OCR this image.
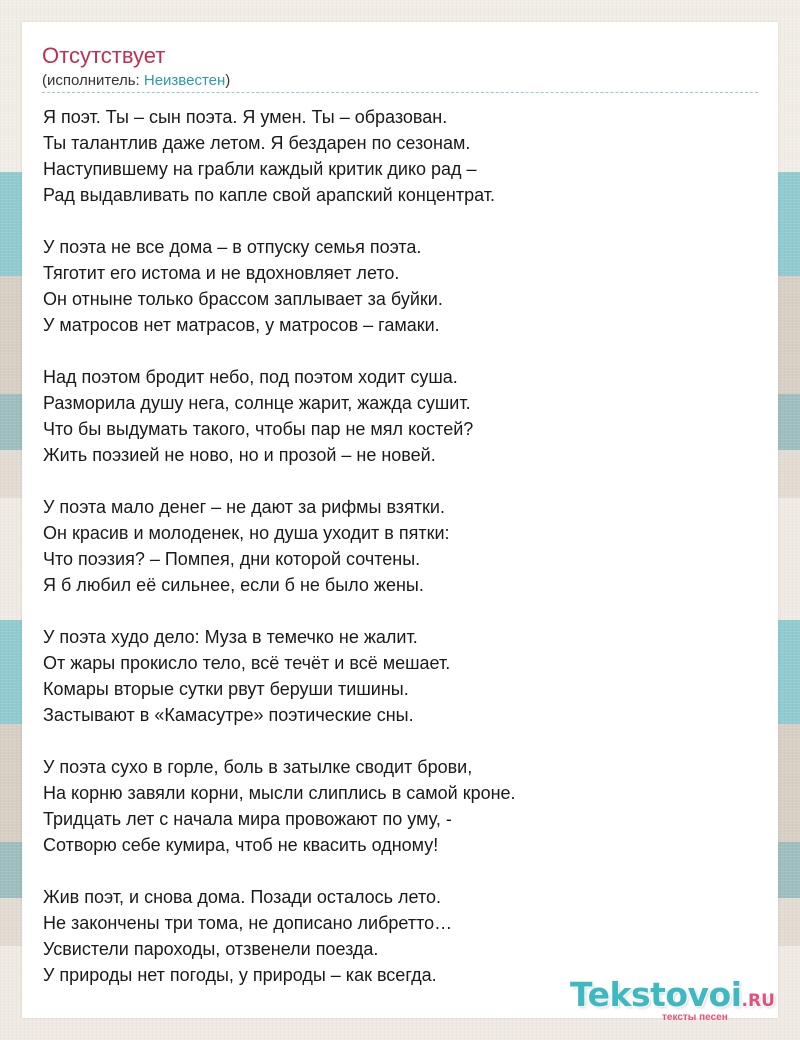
Отсутствует
(исполнитель: Неизвестен)

Я поэт. Ты – сын поэта. Я умен. Ты – образован.
Ты талантлив даже летом. Я бездарен по сезонам.
Наступившему на грабли каждый критик дико рад –
Рад выдавливать по капле свой арапский концентрат.

У поэта не все дома – в отпуску семья поэта.
Тяготит его истома и не вдохновляет лето.
Он отныне только брассом заплывает за буйки.
У матросов нет матрасов, у матросов – гамаки.

Над поэтом бродит небо, под поэтом ходит суша.
Разморила душу нега, солнце жарит, жажда сушит.
Что бы выдумать такого, чтобы пар не мял костей?
Жить поэзией не ново, но и прозой – не новей.

У поэта мало денег – не дают за рифмы взятки.
Он красив и молоденек, но душа уходит в пятки:
Что поэзия? – Помпея, дни которой сочтены.
Я б любил её сильнее, если б не было жены.

У поэта худо дело: Муза в темечко не жалит.
От жары прокисло тело, всё течёт и всё мешает.
Комары вторые сутки рвут беруши тишины.
Застывают в «Камасутре» поэтические сны.

У поэта сухо в горле, боль в затылке сводит брови,
На корню завяли корни, мысли слиплись в самой кроне.
Тридцать лет с начала мира провожают по уму, -
Сотворю себе кумира, чтоб не квасить одному!

Жив поэт, и снова дома. Позади осталось лето.
Не закончены три тома, не дописано либретто…
Усвистели пароходы, отзвенели поезда.
У природы нет погоды, у природы – как всегда.	Tekstovoi.RU
тексты песен
